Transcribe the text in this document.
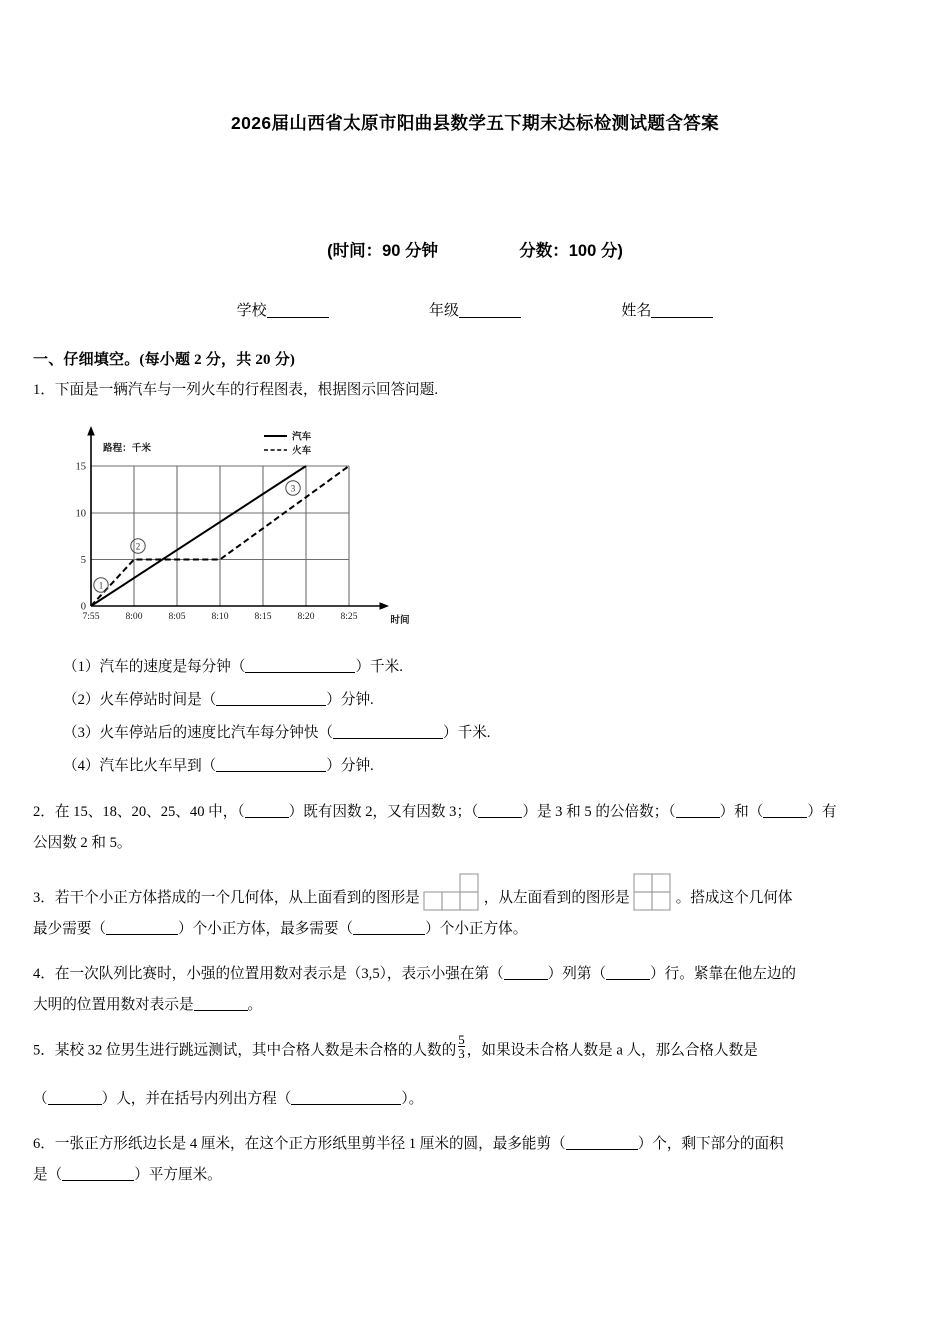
2026届山西省太原市阳曲县数学五下期末达标检测试题含答案
(时间：90 分钟	分数：100 分)
学校	年级	姓名

一、仔细填空。(每小题 2 分，共 20 分)

1．下面是一辆汽车与一列火车的行程图表，根据图示回答问题.

路程：千米
15
10
5
0
7:55	8:00	8:05	8:10	8:15	8:20	8:25	时间
汽车
火车
1
2
3

（1）汽车的速度是每分钟（	）千米.

（2）火车停站时间是（	）分钟.

（3）火车停站后的速度比汽车每分钟快（	）千米.

（4）汽车比火车早到（	）分钟.

2．在 15、18、20、25、40 中，（	）既有因数 2，又有因数 3；（	）是 3 和 5 的公倍数；（	）和（	）有

公因数 2 和 5。

3．若干个小正方体搭成的一个几何体，从上面看到的图形是	，从左面看到的图形是	。搭成这个几何体

最少需要（	）个小正方体，最多需要（	）个小正方体。

4．在一次队列比赛时，小强的位置用数对表示是（3,5），表示小强在第（	）列第（	）行。紧靠在他左边的

大明的位置用数对表示是	。

5．某校 32 位男生进行跳远测试，其中合格人数是未合格的人数的 $\frac{5}{3}$ ，如果设未合格人数是 a 人，那么合格人数是

（	）人，并在括号内列出方程（	）。

6．一张正方形纸边长是 4 厘米，在这个正方形纸里剪半径 1 厘米的圆，最多能剪（	）个，剩下部分的面积

是（	）平方厘米。
